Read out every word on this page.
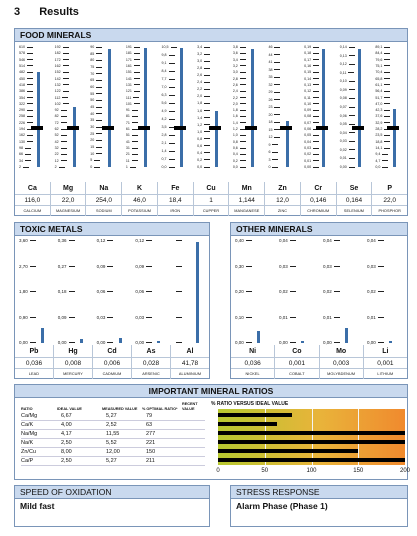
3 Results
FOOD MINERALS
610
578
546
514
482
450
418
386
354
322
290
258
226
194
162
130
98
66
34
2
192
182
172
162
152
142
132
122
112
102
92
82
72
62
52
42
32
22
12
2
90
85
80
75
70
65
60
55
50
45
40
35
30
25
20
15
10
5
0
191
181
171
161
151
141
131
121
111
101
91
81
71
61
51
41
31
21
11
1
10,5
9,8
9,1
8,4
7,7
7,0
6,3
5,6
4,9
4,2
3,5
2,8
2,1
1,4
0,7
0,0
3,4
3,2
3,0
2,8
2,6
2,4
2,2
2,0
1,8
1,6
1,4
1,2
1,0
0,8
0,6
0,4
0,2
0,0
3,8
3,6
3,4
3,2
3,0
2,8
2,6
2,4
2,2
2,0
1,8
1,6
1,4
1,2
1,0
0,8
0,6
0,4
0,2
0,0
46
44
41
38
35
32
29
26
23
20
18
15
12
9
6
3
0
0,19
0,18
0,17
0,16
0,15
0,14
0,13
0,12
0,11
0,10
0,09
0,08
0,07
0,06
0,05
0,04
0,03
0,02
0,01
0,00
0,14
0,13
0,12
0,11
0,10
0,09
0,08
0,07
0,06
0,05
0,04
0,03
0,02
0,01
0,00
89,1
84,4
79,6
75,1
70,4
65,8
61,1
56,4
51,7
47,0
42,3
37,6
32,9
28,2
23,5
18,8
14,1
9,4
4,7
0,0
Ca	Mg	Na	K	Fe	Cu	Mn	Zn	Cr	Se	P
116,0	22,0	254,0	46,0	18,4	1	1,144	12,0	0,146	0,164	22,0
CALCIUM	MAGNESIUM	SODIUM	POTASSIUM	IRON	CUPPER	MANGANESE	ZINC	CHROMIUM	SELENIUM	PHOSPHOR
TOXIC METALS
3,60
2,70
1,80
0,90
0,00
0,36
0,27
0,18
0,09
0,00
0,12
0,09
0,06
0,03
0,00
0,12
0,09
0,06
0,03
0,00
Pb	Hg	Cd	As	Al
0,036	0,008	0,006	0,028	41,78
LEAD	MERCURY	CADMIUM	ARSENIC	ALUMINIUM
OTHER MINERALS
0,40
0,30
0,20
0,10
0,00
0,04
0,03
0,02
0,01
0,00
0,04
0,03
0,02
0,01
0,00
0,04
0,03
0,02
0,01
0,00
Ni	Co	Mo	Li
0,036	0,001	0,003	0,001
NICKEL	COBALT	MOLYBDENUM	LITHIUM
IMPORTANT MINERAL RATIOS
RATIO	IDEAL VALUE	MEASURED VALUE	% OPTIMAL RATIO*
RECENT VALUE
Ca/Mg	6,67	5,27	79
Ca/K	4,00	2,52	63
Na/Mg	4,17	11,55	277
Na/K	2,50	5,52	221
Zn/Cu	8,00	12,00	150
Ca/P	2,50	5,27	211
% RATIO VERSUS IDEAL VALUE
0	50	100	150	200
SPEED OF OXIDATION
Mild fast
STRESS RESPONSE
Alarm Phase (Phase 1)
